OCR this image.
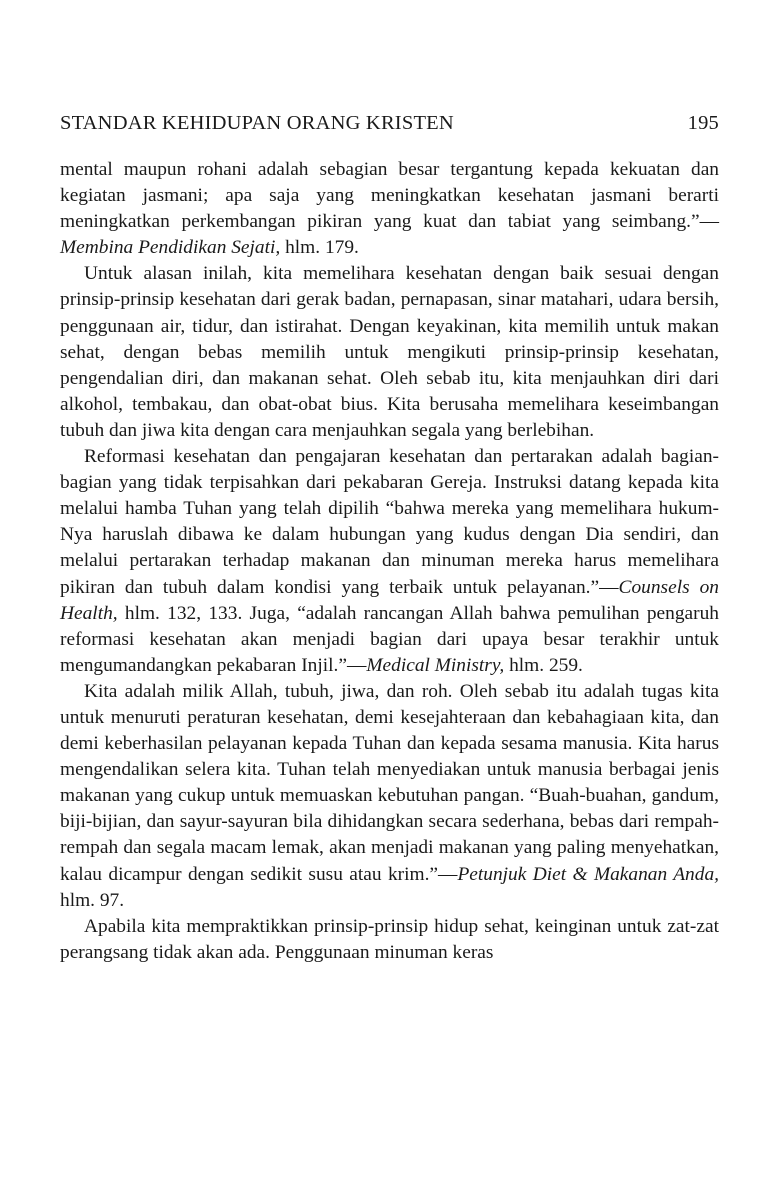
STANDAR KEHIDUPAN ORANG KRISTEN	195

mental maupun rohani adalah sebagian besar tergantung kepada kekuatan dan kegiatan jasmani; apa saja yang meningkatkan kesehatan jasmani berarti meningkatkan perkembangan pikiran yang kuat dan tabiat yang seimbang.”—Membina Pendidikan Sejati, hlm. 179.

Untuk alasan inilah, kita memelihara kesehatan dengan baik sesuai dengan prinsip-prinsip kesehatan dari gerak badan, pernapasan, sinar matahari, udara bersih, penggunaan air, tidur, dan istirahat. Dengan keyakinan, kita memilih untuk makan sehat, dengan bebas memilih untuk mengikuti prinsip-prinsip kesehatan, pengendalian diri, dan makanan sehat. Oleh sebab itu, kita menjauhkan diri dari alkohol, tembakau, dan obat-obat bius. Kita berusaha memelihara keseimbangan tubuh dan jiwa kita dengan cara menjauhkan segala yang berlebihan.

Reformasi kesehatan dan pengajaran kesehatan dan pertarakan adalah bagian-bagian yang tidak terpisahkan dari pekabaran Gereja. Instruksi datang kepada kita melalui hamba Tuhan yang telah dipilih “bahwa mereka yang memelihara hukum-Nya haruslah dibawa ke dalam hubungan yang kudus dengan Dia sendiri, dan melalui pertarakan terhadap makanan dan minuman mereka harus memelihara pikiran dan tubuh dalam kondisi yang terbaik untuk pelayanan.”—Counsels on Health, hlm. 132, 133. Juga, “adalah rancangan Allah bahwa pemulihan pengaruh reformasi kesehatan akan menjadi bagian dari upaya besar terakhir untuk mengumandangkan pekabaran Injil.”—Medical Ministry, hlm. 259.

Kita adalah milik Allah, tubuh, jiwa, dan roh. Oleh sebab itu adalah tugas kita untuk menuruti peraturan kesehatan, demi kesejahteraan dan kebahagiaan kita, dan demi keberhasilan pelayanan kepada Tuhan dan kepada sesama manusia. Kita harus mengendalikan selera kita. Tuhan telah menyediakan untuk manusia berbagai jenis makanan yang cukup untuk memuaskan kebutuhan pangan. “Buah-buahan, gandum, biji-bijian, dan sayur-sayuran bila dihidangkan secara sederhana, bebas dari rempah-rempah dan segala macam lemak, akan menjadi makanan yang paling menyehatkan, kalau dicampur dengan sedikit susu atau krim.”—Petunjuk Diet & Makanan Anda, hlm. 97.

Apabila kita mempraktikkan prinsip-prinsip hidup sehat, keinginan untuk zat-zat perangsang tidak akan ada. Penggunaan minuman keras
